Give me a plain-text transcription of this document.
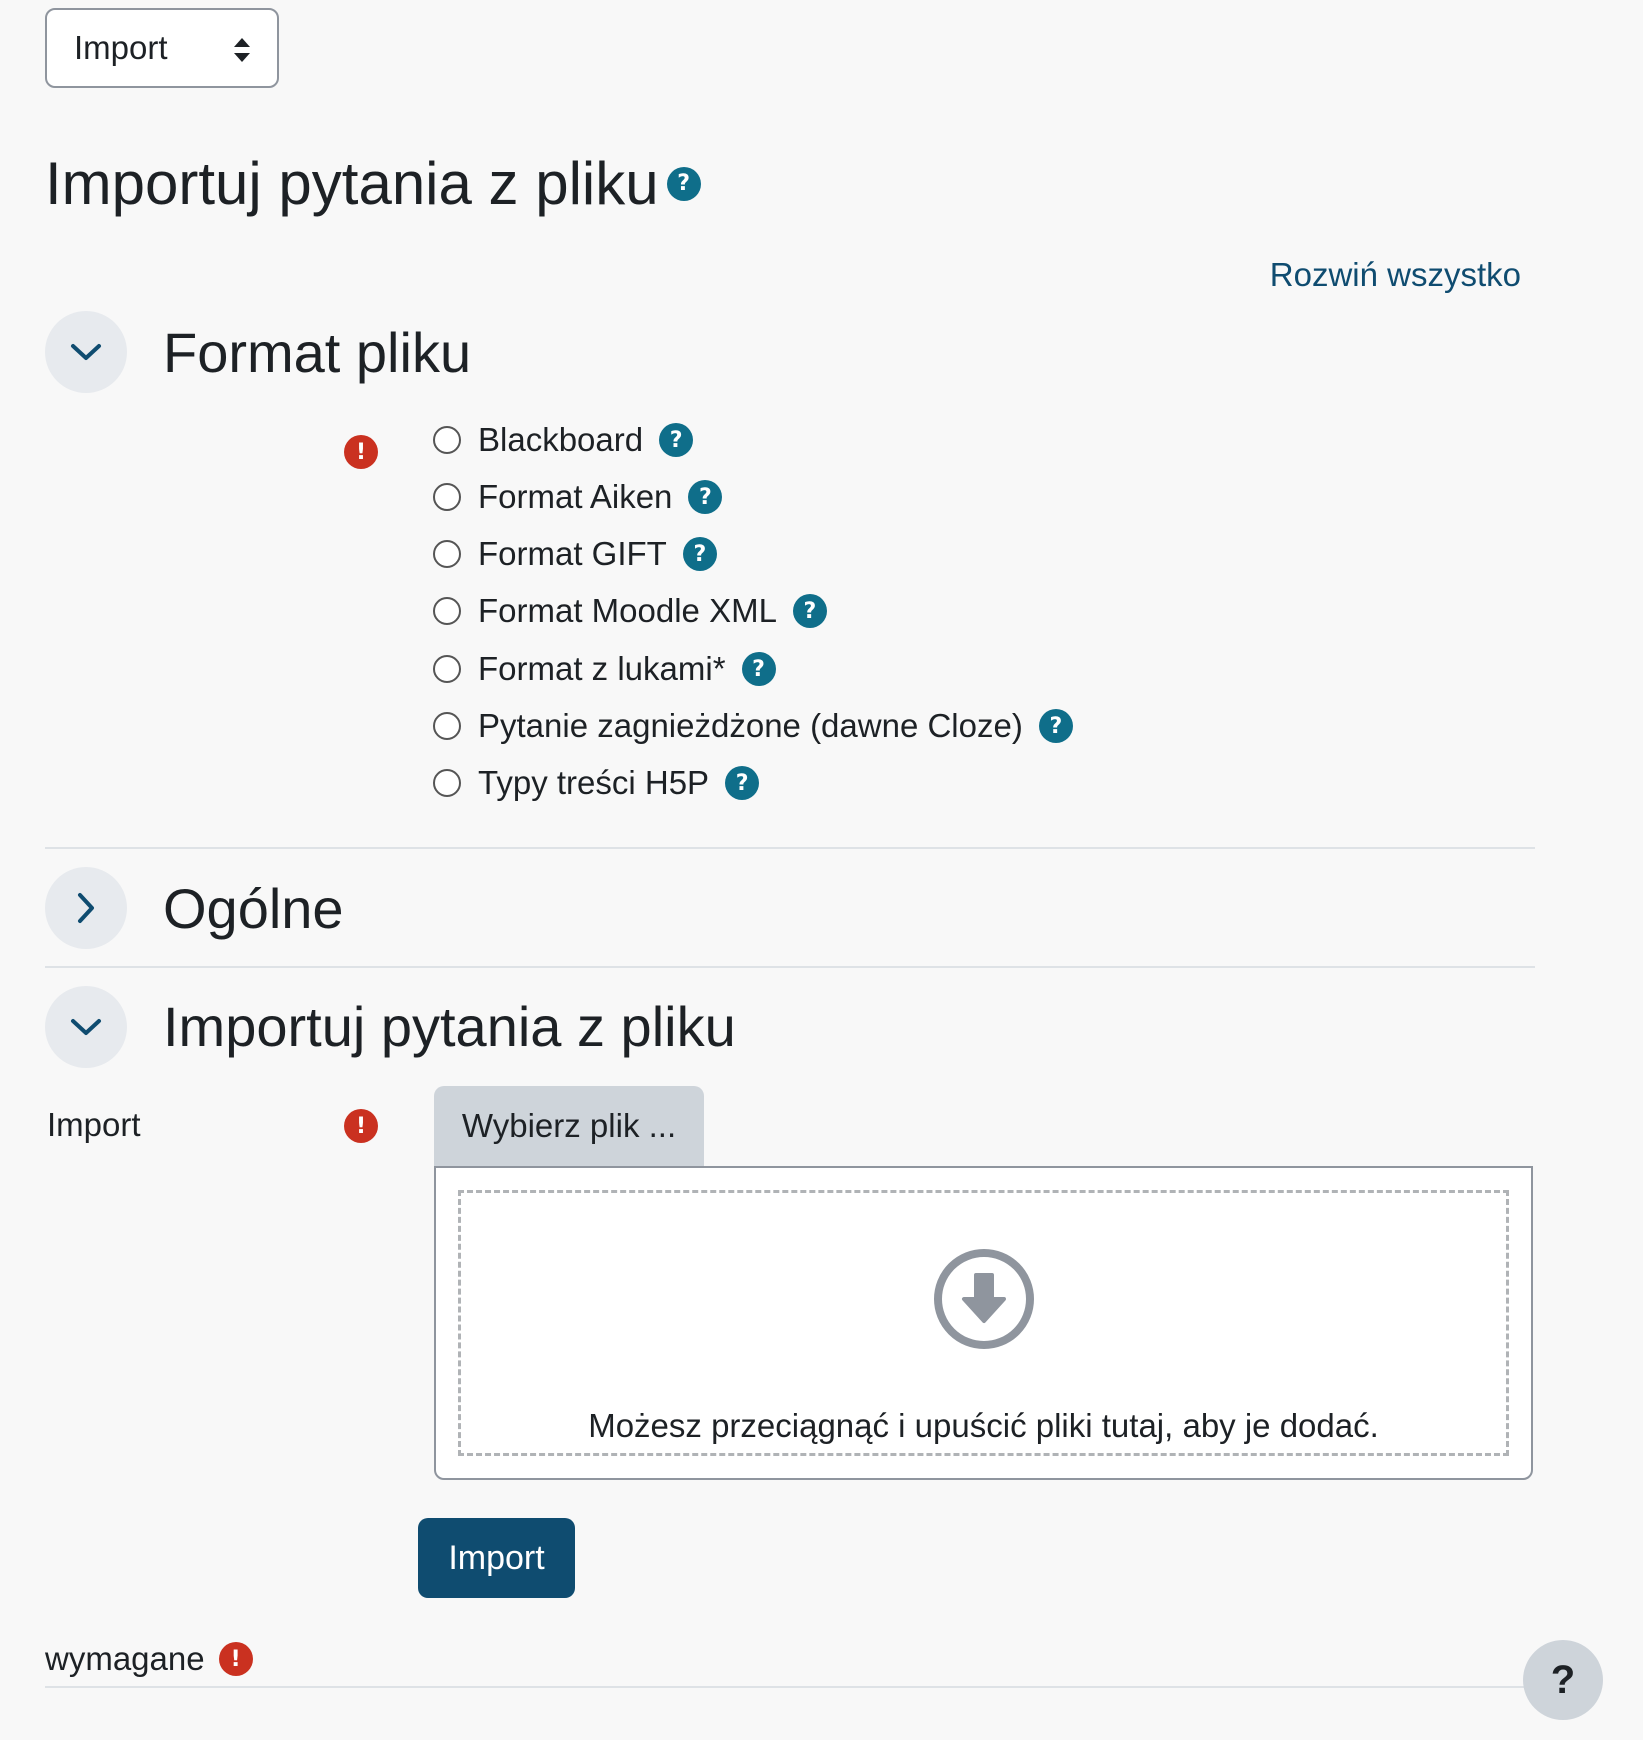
Import
Importuj pytania z pliku ?
Rozwiń wszystko
Format pliku
!	Blackboard	?
Format Aiken	?
Format GIFT	?
Format Moodle XML	?
Format z lukami*	?
Pytanie zagnieżdżone (dawne Cloze)	?
Typy treści H5P	?
Ogólne
Importuj pytania z pliku
Import	!	Wybierz plik ...
Możesz przeciągnąć i upuścić pliki tutaj, aby je dodać.
Import
wymagane	!	?
